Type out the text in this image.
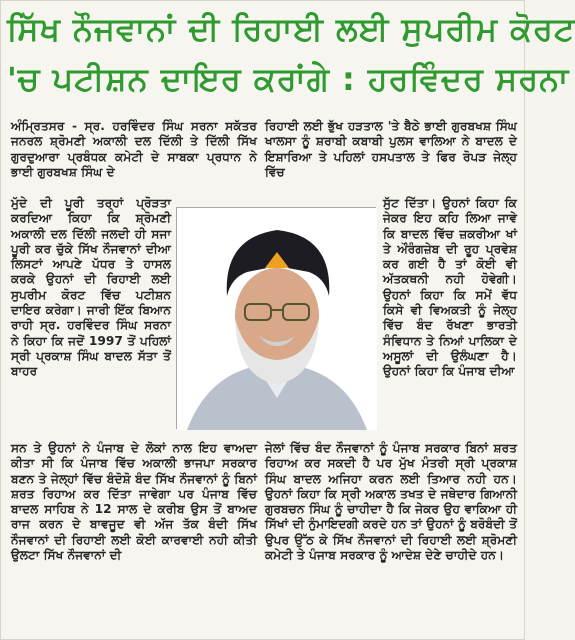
ਸਿੱਖ ਨੌਜਵਾਨਾਂ ਦੀ ਰਿਹਾਈ ਲਈ ਸੁਪਰੀਮ ਕੋਰਟ
'ਚ ਪਟੀਸ਼ਨ ਦਾਇਰ ਕਰਾਂਗੇ : ਹਰਵਿੰਦਰ ਸਰਨਾ
ਅੰਮ੍ਰਿਤਸਰ - ਸ੍ਰ. ਹਰਵਿੰਦਰ ਸਿੰਘ ਸਰਨਾ ਸਕੱਤਰ ਜਨਰਲ ਸ਼੍ਰੋਮਣੀ ਅਕਾਲੀ ਦਲ ਦਿੱਲੀ ਤੇ ਦਿੱਲੀ ਸਿੱਖ ਗੁਰਦੁਆਰਾ ਪ੍ਰਬੰਧਕ ਕਮੇਟੀ ਦੇ ਸਾਬਕਾ ਪ੍ਰਧਾਨ ਨੇ ਭਾਈ ਗੁਰਬਖਸ਼ ਸਿੰਘ ਦੇ
ਮੁੱਦੇ ਦੀ ਪੂਰੀ ਤਰ੍ਹਾਂ ਪ੍ਰੋੜਤਾ ਕਰਦਿਆ ਕਿਹਾ ਕਿ ਸ਼੍ਰੋਮਣੀ ਅਕਾਲੀ ਦਲ ਦਿੱਲੀ ਜਲਦੀ ਹੀ ਸਜਾ ਪੂਰੀ ਕਰ ਚੁੱਕੇ ਸਿੱਖ ਨੌਜਵਾਨਾਂ ਦੀਆ ਲਿਸਟਾਂ ਆਪਣੇ ਪੱਧਰ ਤੇ ਹਾਸਲ ਕਰਕੇ ਉਹਨਾਂ ਦੀ ਰਿਹਾਈ ਲਈ ਸੁਪਰੀਮ ਕੋਰਟ ਵਿੱਚ ਪਟੀਸ਼ਨ ਦਾਇਰ ਕਰੇਗਾ। ਜਾਰੀ ਇੱਕ ਬਿਆਨ ਰਾਹੀ ਸ੍ਰ. ਹਰਵਿੰਦਰ ਸਿੰਘ ਸਰਨਾ ਨੇ ਕਿਹਾ ਕਿ ਜਦੋਂ 1997 ਤੋਂ ਪਹਿਲਾਂ ਸ੍ਰੀ ਪ੍ਰਕਾਸ਼ ਸਿੰਘ ਬਾਦਲ ਸੱਤਾ ਤੋਂ ਬਾਹਰ
ਸਨ ਤੇ ਉਹਨਾਂ ਨੇ ਪੰਜਾਬ ਦੇ ਲੋਕਾਂ ਨਾਲ ਇਹ ਵਾਅਦਾ ਕੀਤਾ ਸੀ ਕਿ ਪੰਜਾਬ ਵਿੱਚ ਅਕਾਲੀ ਭਾਜਪਾ ਸਰਕਾਰ ਬਣਨ ਤੇ ਜੇਲ੍ਹਾਂ ਵਿੱਚ ਬੰਦੋਸ਼ੋ ਬੰਦ ਸਿੱਖ ਨੌਜਵਾਨਾਂ ਨੂੰ ਬਿਨਾਂ ਸ਼ਰਤ ਰਿਹਾਅ ਕਰ ਦਿੱਤਾ ਜਾਵੇਗਾ ਪਰ ਪੰਜਾਬ ਵਿੱਚ ਬਾਦਲ ਸਾਹਿਬ ਨੇ 12 ਸਾਲ ਦੇ ਕਰੀਬ ਉਸ ਤੋਂ ਬਾਅਦ ਰਾਜ ਕਰਨ ਦੇ ਬਾਵਜੂਦ ਵੀ ਅੱਜ ਤੱਕ ਬੰਦੀ ਸਿੱਖ ਨੌਜਵਾਨਾਂ ਦੀ ਰਿਹਾਈ ਲਈ ਕੋਈ ਕਾਰਵਾਈ ਨਹੀ ਕੀਤੀ ਉਲਟਾ ਸਿੱਖ ਨੌਜਵਾਨਾਂ ਦੀ
ਰਿਹਾਈ ਲਈ ਭੁੱਖ ਹੜਤਾਲ 'ਤੇ ਬੈਠੇ ਭਾਈ ਗੁਰਬਖਸ਼ ਸਿੰਘ ਖਾਲਸਾ ਨੂੰ ਸ਼ਰਾਬੀ ਕਬਾਬੀ ਪੁਲਸ ਵਾਲਿਆ ਨੇ ਬਾਦਲ ਦੇ ਇਸ਼ਾਰਿਆ ਤੇ ਪਹਿਲਾਂ ਹਸਪਤਾਲ ਤੇ ਫਿਰ ਰੋਪੜ ਜੇਲ੍ਹ ਵਿੱਚ
ਸੁੱਟ ਦਿੱਤਾ। ਉਹਨਾਂ ਕਿਹਾ ਕਿ ਜੇਕਰ ਇਹ ਕਹਿ ਲਿਆ ਜਾਵੇ ਕਿ ਬਾਦਲ ਵਿੱਚ ਜ਼ਕਰੀਆ ਖਾਂ ਤੇ ਔਰੰਗਜ਼ੇਬ ਦੀ ਰੂਹ ਪ੍ਰਵੇਸ਼ ਕਰ ਗਈ ਹੈ ਤਾਂ ਕੋਈ ਵੀ ਅੱਤਕਥਨੀ ਨਹੀ ਹੋਵੇਗੀ। ਉਹਨਾਂ ਕਿਹਾ ਕਿ ਸਮੇਂ ਵੱਧ ਕਿਸੇ ਵੀ ਵਿਅਕਤੀ ਨੂੰ ਜੇਲ੍ਹ ਵਿੱਚ ਬੰਦ ਰੱਖਣਾ ਭਾਰਤੀ ਸੰਵਿਧਾਨ ਤੇ ਨਿਆਂ ਪਾਲਿਕਾ ਦੇ ਅਸੂਲਾਂ ਦੀ ਉਲੰਘਣਾ ਹੈ। ਉਹਨਾਂ ਕਿਹਾ ਕਿ ਪੰਜਾਬ ਦੀਆ
ਜੇਲਾਂ ਵਿੱਚ ਬੰਦ ਨੌਜਵਾਨਾਂ ਨੂੰ ਪੰਜਾਬ ਸਰਕਾਰ ਬਿਨਾਂ ਸ਼ਰਤ ਰਿਹਾਅ ਕਰ ਸਕਦੀ ਹੈ ਪਰ ਮੁੱਖ ਮੰਤਰੀ ਸ੍ਰੀ ਪ੍ਰਕਾਸ਼ ਸਿੰਘ ਬਾਦਲ ਅਜਿਹਾ ਕਰਨ ਲਈ ਤਿਆਰ ਨਹੀ ਹਨ। ਉਹਨਾਂ ਕਿਹਾ ਕਿ ਸ੍ਰੀ ਅਕਾਲ ਤਖਤ ਦੇ ਜਥੇਦਾਰ ਗਿਆਨੀ ਗੁਰਬਚਨ ਸਿੰਘ ਨੂੰ ਚਾਹੀਦਾ ਹੈ ਕਿ ਜੇਕਰ ਉਹ ਵਾਕਿਆ ਹੀ ਸਿੱਖਾਂ ਦੀ ਨੁੰਮਾਇਦਗੀ ਕਰਦੇ ਹਨ ਤਾਂ ਉਹਨਾਂ ਨੂੰ ਬਰੋਬੰਦੀ ਤੋਂ ਉਪਰ ਉੱਠ ਕੇ ਸਿੱਖ ਨੌਜਵਾਨਾਂ ਦੀ ਰਿਹਾਈ ਲਈ ਸ਼੍ਰੋਮਣੀ ਕਮੇਟੀ ਤੇ ਪੰਜਾਬ ਸਰਕਾਰ ਨੂੰ ਆਦੇਸ਼ ਦੇਣੇ ਚਾਹੀਦੇ ਹਨ।
